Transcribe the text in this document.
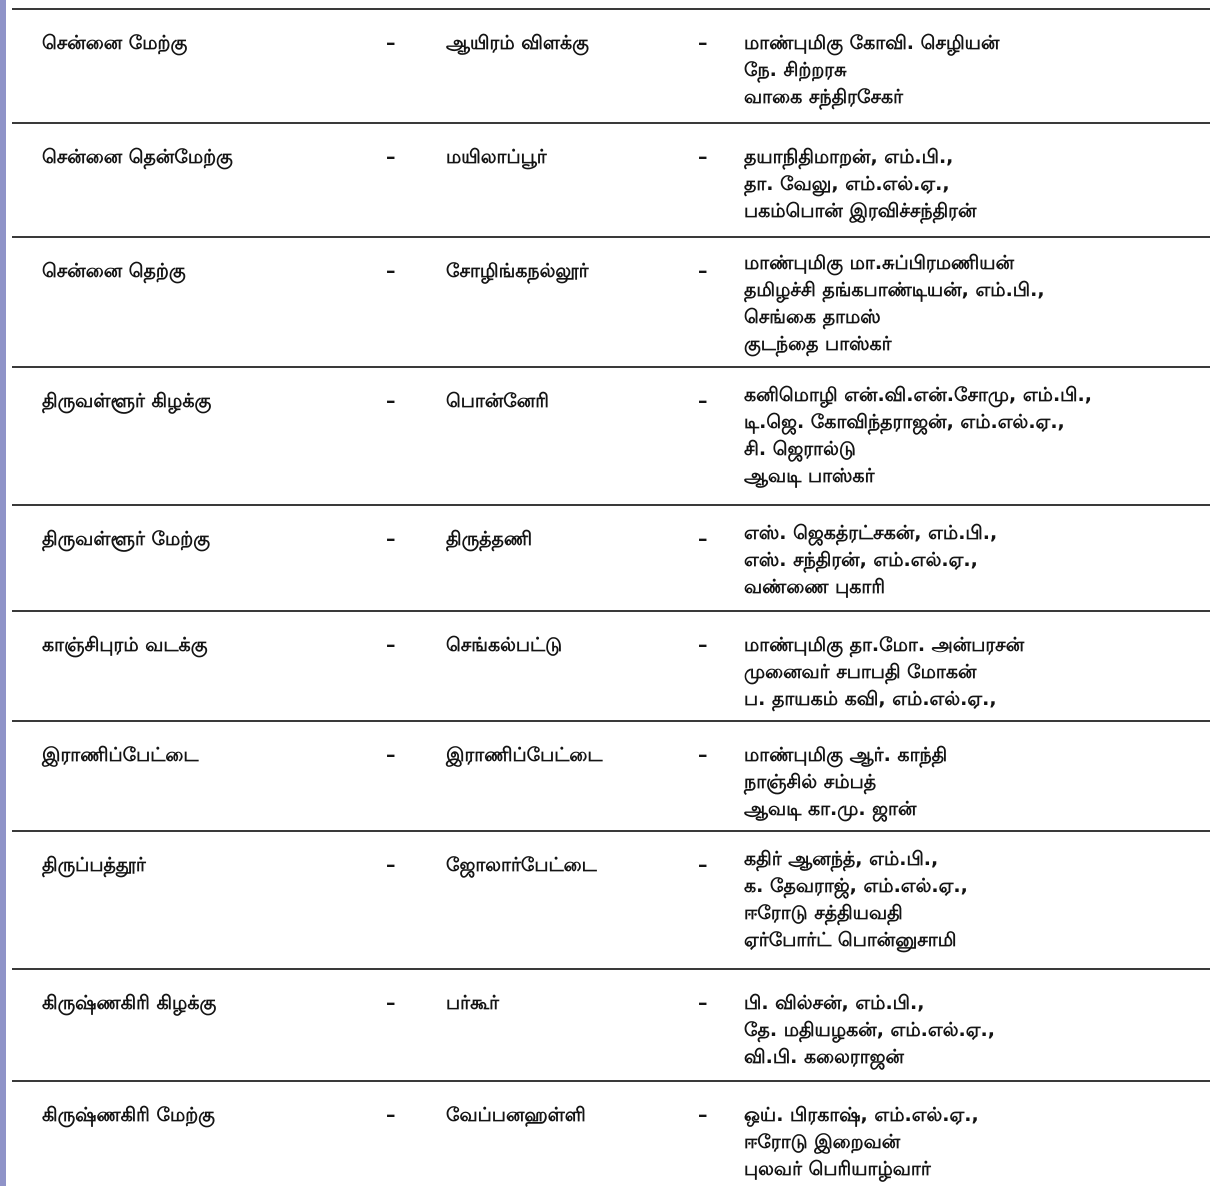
சென்னை மேற்கு	–	ஆயிரம் விளக்கு	– மாண்புமிகு கோவி. செழியன்
நே. சிற்றரசு
வாகை சந்திரசேகர்
சென்னை தென்மேற்கு	–	மயிலாப்பூர்	– தயாநிதிமாறன், எம்.பி.,
தா. வேலு, எம்.எல்.ஏ.,
பகம்பொன் இரவிச்சந்திரன்
சென்னை தெற்கு	–	சோழிங்கநல்லூர்	– மாண்புமிகு மா.சுப்பிரமணியன்
தமிழச்சி தங்கபாண்டியன், எம்.பி.,
செங்கை தாமஸ்
குடந்தை பாஸ்கர்
திருவள்ளூர் கிழக்கு	–	பொன்னேரி	– கனிமொழி என்.வி.என்.சோமு, எம்.பி.,
டி.ஜெ. கோவிந்தராஜன், எம்.எல்.ஏ.,
சி. ஜெரால்டு
ஆவடி பாஸ்கர்
திருவள்ளூர் மேற்கு	–	திருத்தணி	– எஸ். ஜெகத்ரட்சகன், எம்.பி.,
எஸ். சந்திரன், எம்.எல்.ஏ.,
வண்ணை புகாரி
காஞ்சிபுரம் வடக்கு	–	செங்கல்பட்டு	– மாண்புமிகு தா.மோ. அன்பரசன்
முனைவர் சபாபதி மோகன்
ப. தாயகம் கவி, எம்.எல்.ஏ.,
இராணிப்பேட்டை	–	இராணிப்பேட்டை	– மாண்புமிகு ஆர். காந்தி
நாஞ்சில் சம்பத்
ஆவடி கா.மு. ஜான்
திருப்பத்தூர்	–	ஜோலார்பேட்டை	– கதிர் ஆனந்த், எம்.பி.,
க. தேவராஜ், எம்.எல்.ஏ.,
ஈரோடு சத்தியவதி
ஏர்போர்ட் பொன்னுசாமி
கிருஷ்ணகிரி கிழக்கு	–	பர்கூர்	– பி. வில்சன், எம்.பி.,
தே. மதியழகன், எம்.எல்.ஏ.,
வி.பி. கலைராஜன்
கிருஷ்ணகிரி மேற்கு	–	வேப்பனஹள்ளி	– ஒய். பிரகாஷ், எம்.எல்.ஏ.,
ஈரோடு இறைவன்
புலவர் பெரியாழ்வார்
